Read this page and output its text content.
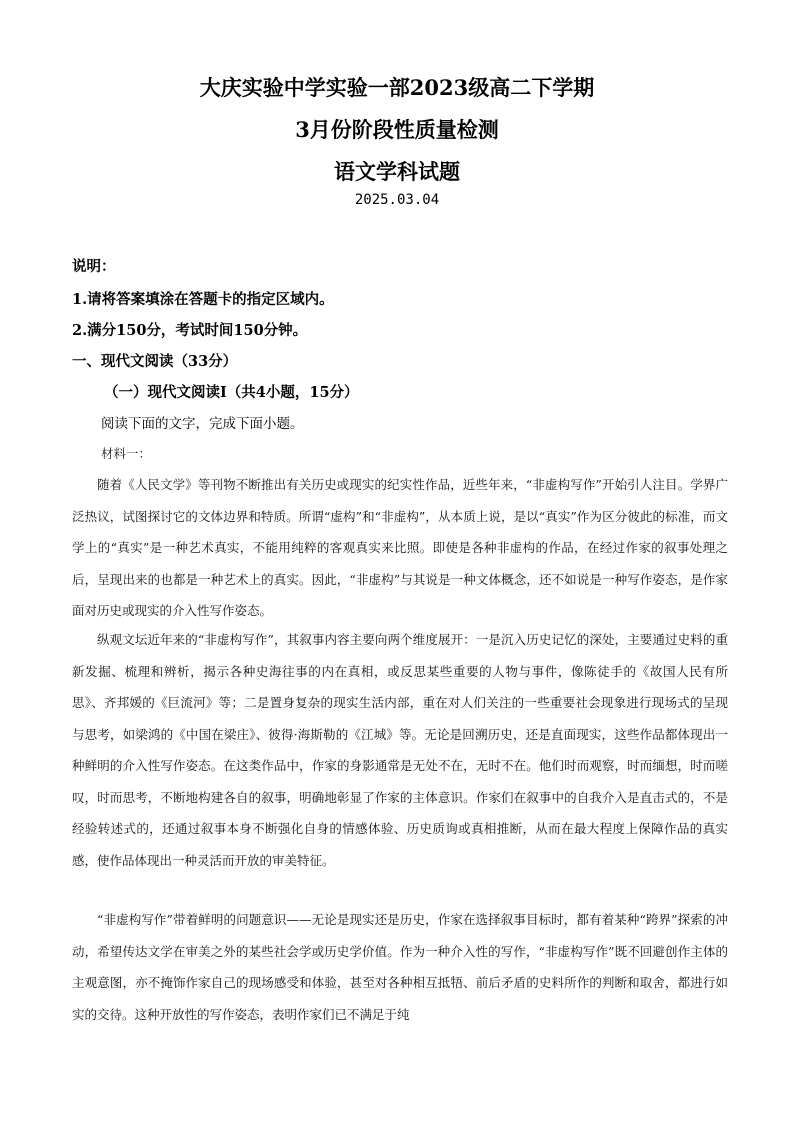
大庆实验中学实验一部2023级高二下学期
3月份阶段性质量检测
语文学科试题
2025.03.04
说明：
1.请将答案填涂在答题卡的指定区域内。
2.满分150分，考试时间150分钟。
一、现代文阅读（33分）
（一）现代文阅读Ⅰ（共4小题，15分）
阅读下面的文字，完成下面小题。
材料一：

随着《人民文学》等刊物不断推出有关历史或现实的纪实性作品，近些年来，“非虚构写作”开始引人注目。学界广泛热议，试图探讨它的文体边界和特质。所谓“虚构”和“非虚构”，从本质上说，是以“真实”作为区分彼此的标准，而文学上的“真实”是一种艺术真实，不能用纯粹的客观真实来比照。即使是各种非虚构的作品，在经过作家的叙事处理之后，呈现出来的也都是一种艺术上的真实。因此，“非虚构”与其说是一种文体概念，还不如说是一种写作姿态，是作家面对历史或现实的介入性写作姿态。

纵观文坛近年来的“非虚构写作”，其叙事内容主要向两个维度展开：一是沉入历史记忆的深处，主要通过史料的重新发掘、梳理和辨析，揭示各种史海往事的内在真相，或反思某些重要的人物与事件，像陈徒手的《故国人民有所思》、齐邦媛的《巨流河》等；二是置身复杂的现实生活内部，重在对人们关注的一些重要社会现象进行现场式的呈现与思考，如梁鸿的《中国在梁庄》、彼得·海斯勒的《江城》等。无论是回溯历史，还是直面现实，这些作品都体现出一种鲜明的介入性写作姿态。在这类作品中，作家的身影通常是无处不在，无时不在。他们时而观察，时而缅想，时而嗟叹，时而思考，不断地构建各自的叙事，明确地彰显了作家的主体意识。作家们在叙事中的自我介入是直击式的，不是经验转述式的，还通过叙事本身不断强化自身的情感体验、历史质询或真相推断，从而在最大程度上保障作品的真实感，使作品体现出一种灵活而开放的审美特征。

“非虚构写作”带着鲜明的问题意识——无论是现实还是历史，作家在选择叙事目标时，都有着某种“跨界”探索的冲动，希望传达文学在审美之外的某些社会学或历史学价值。作为一种介入性的写作，“非虚构写作”既不回避创作主体的主观意图，亦不掩饰作家自己的现场感受和体验，甚至对各种相互抵牾、前后矛盾的史料所作的判断和取舍，都进行如实的交待。这种开放性的写作姿态，表明作家们已不满足于纯
